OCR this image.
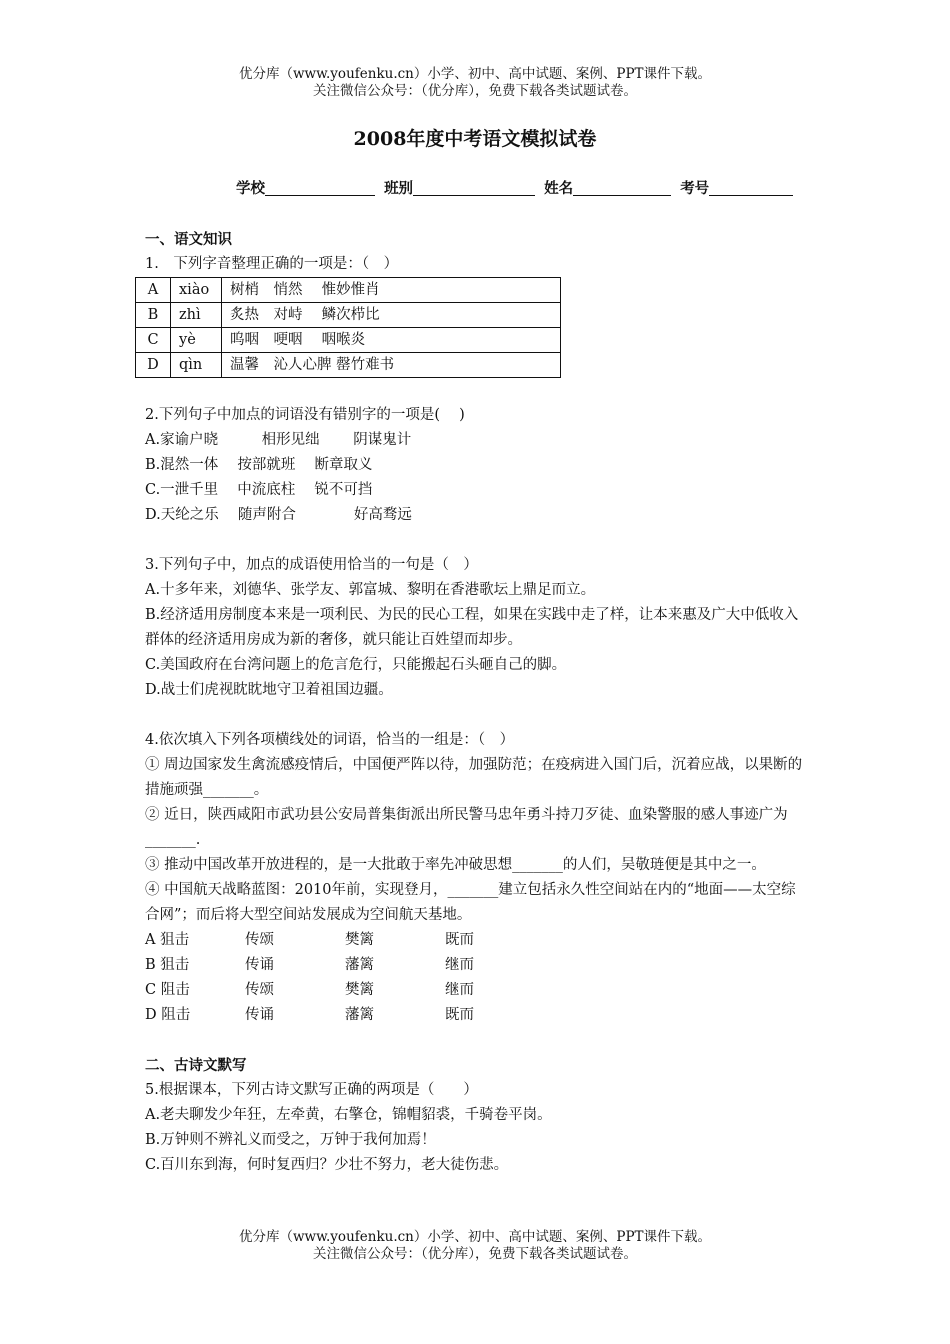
优分库（www.youfenku.cn）小学、初中、高中试题、案例、PPT课件下载。
关注微信公众号：（优分库），免费下载各类试题试卷。
2008年度中考语文模拟试卷
学校	班别	姓名	考号

一、语文知识

1.　下列字音整理正确的一项是：（　）

A	xiào	树梢　悄然　 惟妙惟肖
B	zhì	炙热　对峙　 鳞次栉比
C	yè	呜咽　哽咽　 咽喉炎
D	qìn	温馨　沁人心脾 罄竹难书

2.下列句子中加点的词语没有错别字的一项是(　 )

A.家谕户晓　　　相形见绌　　 阴谋鬼计

B.混然一体　 按部就班　 断章取义

C.一泄千里　 中流底柱　 锐不可挡

D.天纶之乐　 随声附合　　　　好高骛远

3.下列句子中，加点的成语使用恰当的一句是（　）

A.十多年来，刘德华、张学友、郭富城、黎明在香港歌坛上鼎足而立。

B.经济适用房制度本来是一项利民、为民的民心工程，如果在实践中走了样，让本来惠及广大中低收入群体的经济适用房成为新的奢侈，就只能让百姓望而却步。

C.美国政府在台湾问题上的危言危行，只能搬起石头砸自己的脚。

D.战士们虎视眈眈地守卫着祖国边疆。

4.依次填入下列各项横线处的词语，恰当的一组是：（　）

① 周边国家发生禽流感疫情后，中国便严阵以待，加强防范；在疫病进入国门后，沉着应战，以果断的措施顽强_______。

② 近日，陕西咸阳市武功县公安局普集街派出所民警马忠年勇斗持刀歹徒、血染警服的感人事迹广为_______.

③ 推动中国改革开放进程的，是一大批敢于率先冲破思想_______的人们，吴敬琏便是其中之一。

④ 中国航天战略蓝图：2010年前，实现登月，_______建立包括永久性空间站在内的“地面——太空综合网”；而后将大型空间站发展成为空间航天基地。

A 狙击	传颂	樊篱	既而

B 狙击	传诵	藩篱	继而

C 阻击	传颂	樊篱	继而

D 阻击	传诵	藩篱	既而

二、古诗文默写

5.根据课本，下列古诗文默写正确的两项是（　　）

A.老夫聊发少年狂，左牵黄，右擎仓，锦帽貂裘，千骑卷平岗。

B.万钟则不辨礼义而受之，万钟于我何加焉！

C.百川东到海，何时复西归？少壮不努力，老大徒伤悲。

优分库（www.youfenku.cn）小学、初中、高中试题、案例、PPT课件下载。
关注微信公众号：（优分库），免费下载各类试题试卷。
